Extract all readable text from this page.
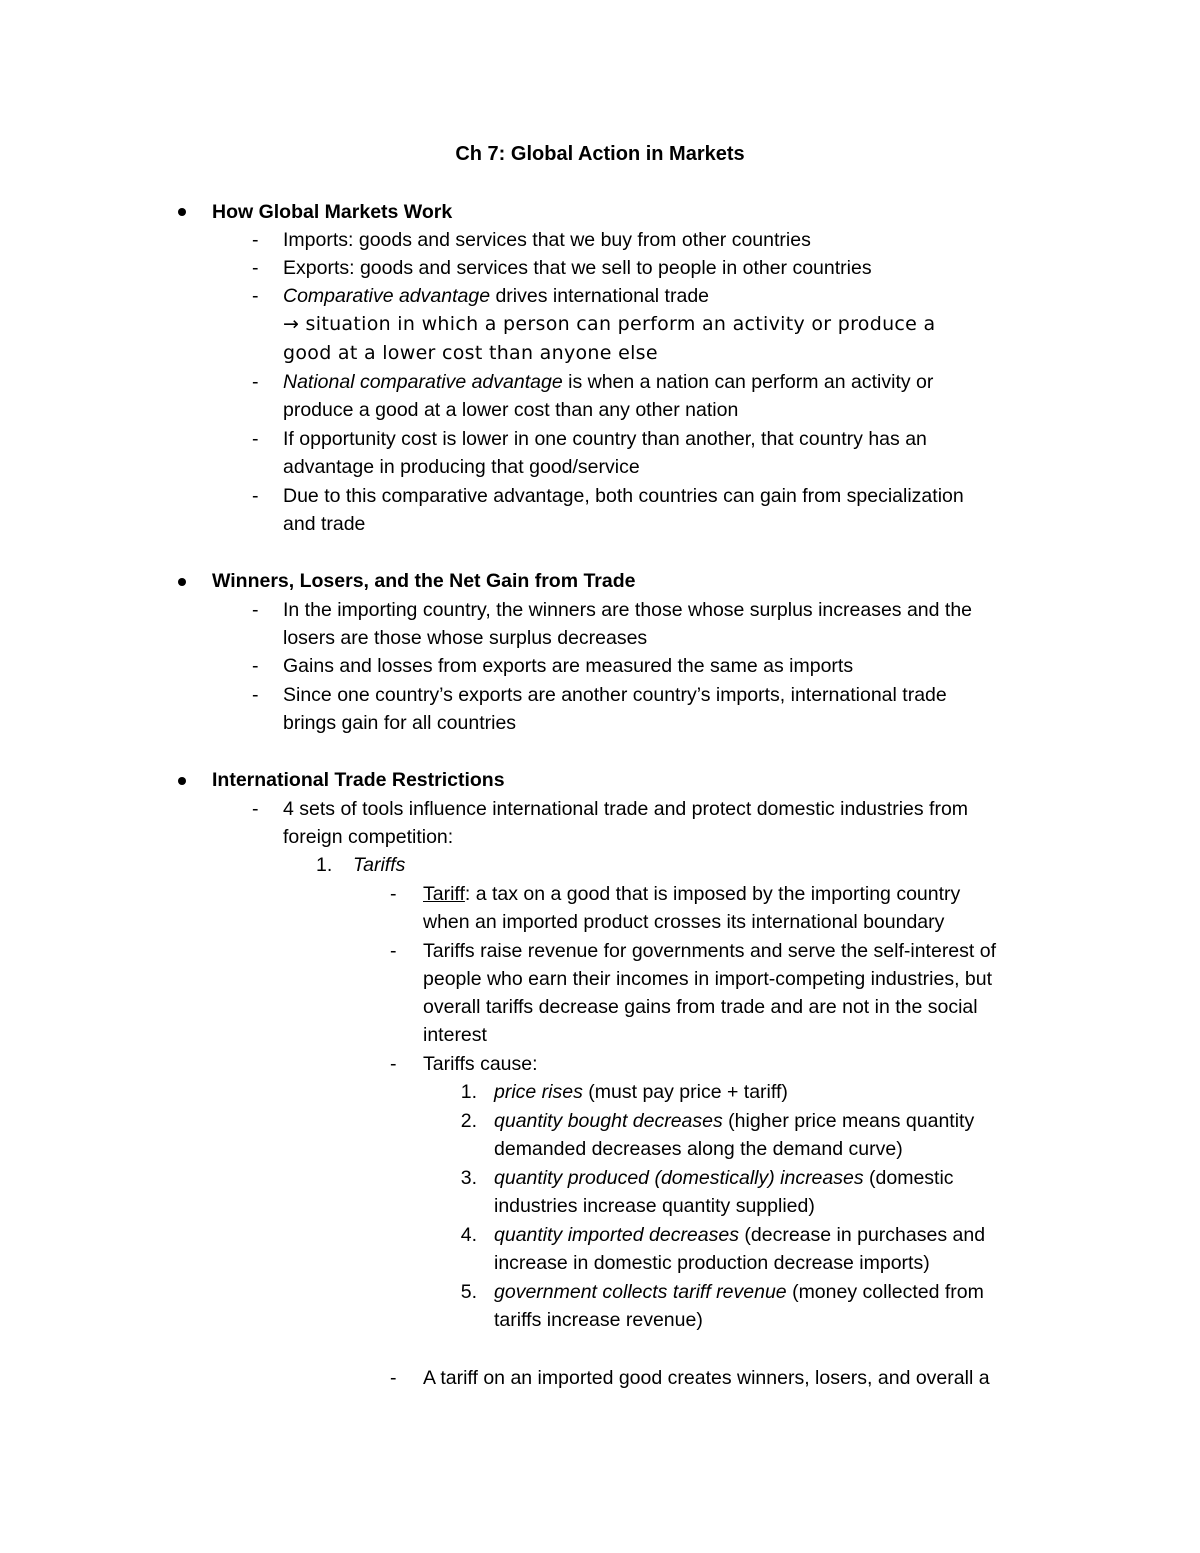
Ch 7: Global Action in Markets
How Global Markets Work
- Imports: goods and services that we buy from other countries
- Exports: goods and services that we sell to people in other countries
- Comparative advantage drives international trade
→ situation in which a person can perform an activity or produce a
good at a lower cost than anyone else
- National comparative advantage is when a nation can perform an activity or
produce a good at a lower cost than any other nation
- If opportunity cost is lower in one country than another, that country has an
advantage in producing that good/service
- Due to this comparative advantage, both countries can gain from specialization
and trade
Winners, Losers, and the Net Gain from Trade
- In the importing country, the winners are those whose surplus increases and the
losers are those whose surplus decreases
- Gains and losses from exports are measured the same as imports
- Since one country’s exports are another country’s imports, international trade
brings gain for all countries
International Trade Restrictions
- 4 sets of tools influence international trade and protect domestic industries from
foreign competition:
1. Tariffs
- Tariff: a tax on a good that is imposed by the importing country
when an imported product crosses its international boundary
- Tariffs raise revenue for governments and serve the self-interest of
people who earn their incomes in import-competing industries, but
overall tariffs decrease gains from trade and are not in the social
interest
- Tariffs cause:
1. price rises (must pay price + tariff)
2. quantity bought decreases (higher price means quantity
demanded decreases along the demand curve)
3. quantity produced (domestically) increases (domestic
industries increase quantity supplied)
4. quantity imported decreases (decrease in purchases and
increase in domestic production decrease imports)
5. government collects tariff revenue (money collected from
tariffs increase revenue)
- A tariff on an imported good creates winners, losers, and overall a
